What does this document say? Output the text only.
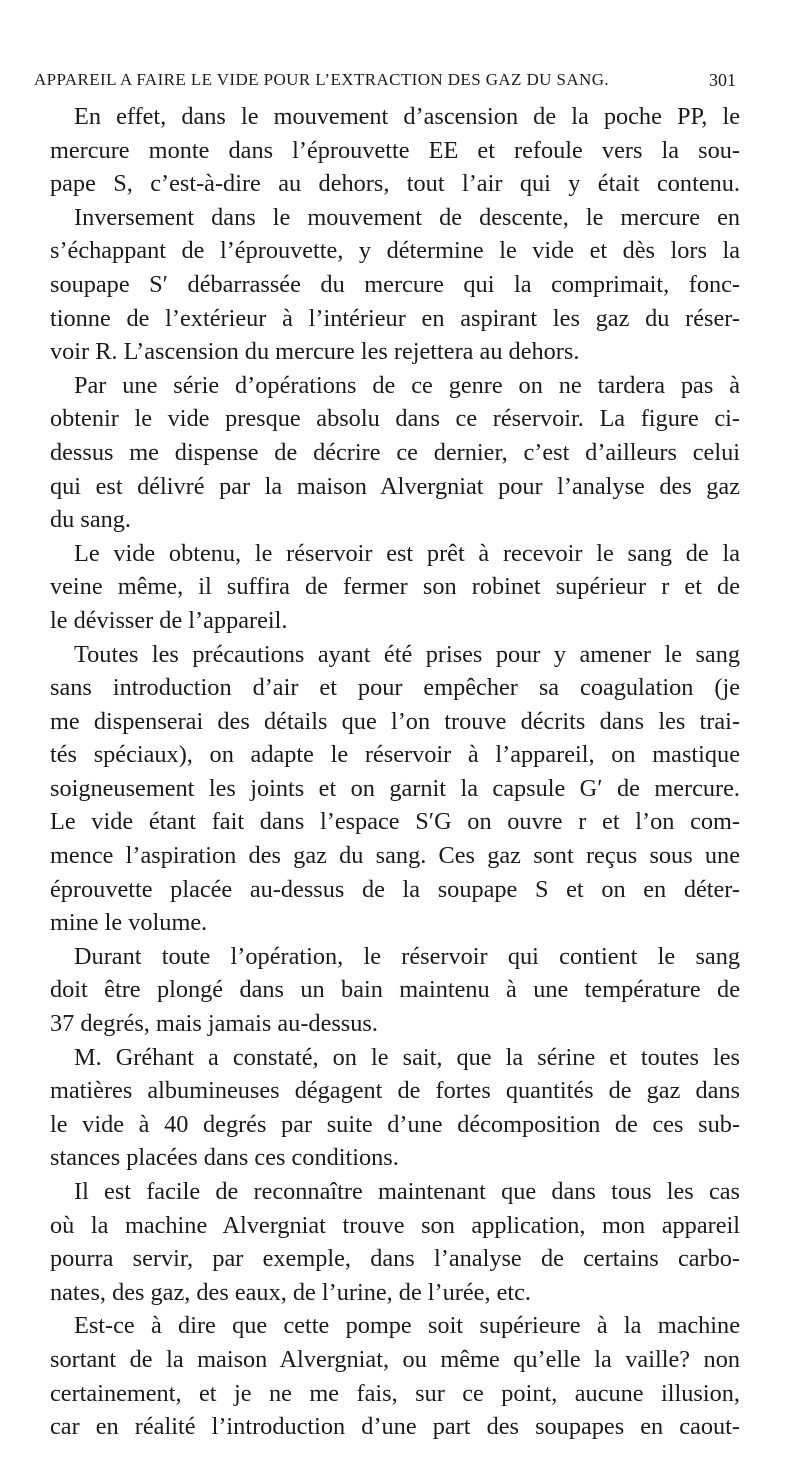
APPAREIL A FAIRE LE VIDE POUR L’EXTRACTION DES GAZ DU SANG.	301
En effet, dans le mouvement d’ascension de la poche PP, le
mercure monte dans l’éprouvette EE et refoule vers la sou-
pape S, c’est-à-dire au dehors, tout l’air qui y était contenu.
Inversement dans le mouvement de descente, le mercure en
s’échappant de l’éprouvette, y détermine le vide et dès lors la
soupape S′ débarrassée du mercure qui la comprimait, fonc-
tionne de l’extérieur à l’intérieur en aspirant les gaz du réser-
voir R. L’ascension du mercure les rejettera au dehors.
Par une série d’opérations de ce genre on ne tardera pas à
obtenir le vide presque absolu dans ce réservoir. La figure ci-
dessus me dispense de décrire ce dernier, c’est d’ailleurs celui
qui est délivré par la maison Alvergniat pour l’analyse des gaz
du sang.
Le vide obtenu, le réservoir est prêt à recevoir le sang de la
veine même, il suffira de fermer son robinet supérieur r et de
le dévisser de l’appareil.
Toutes les précautions ayant été prises pour y amener le sang
sans introduction d’air et pour empêcher sa coagulation (je
me dispenserai des détails que l’on trouve décrits dans les trai-
tés spéciaux), on adapte le réservoir à l’appareil, on mastique
soigneusement les joints et on garnit la capsule G′ de mercure.
Le vide étant fait dans l’espace S′G on ouvre r et l’on com-
mence l’aspiration des gaz du sang. Ces gaz sont reçus sous une
éprouvette placée au-dessus de la soupape S et on en déter-
mine le volume.
Durant toute l’opération, le réservoir qui contient le sang
doit être plongé dans un bain maintenu à une température de
37 degrés, mais jamais au-dessus.
M. Gréhant a constaté, on le sait, que la sérine et toutes les
matières albumineuses dégagent de fortes quantités de gaz dans
le vide à 40 degrés par suite d’une décomposition de ces sub-
stances placées dans ces conditions.
Il est facile de reconnaître maintenant que dans tous les cas
où la machine Alvergniat trouve son application, mon appareil
pourra servir, par exemple, dans l’analyse de certains carbo-
nates, des gaz, des eaux, de l’urine, de l’urée, etc.
Est-ce à dire que cette pompe soit supérieure à la machine
sortant de la maison Alvergniat, ou même qu’elle la vaille? non
certainement, et je ne me fais, sur ce point, aucune illusion,
car en réalité l’introduction d’une part des soupapes en caout-
